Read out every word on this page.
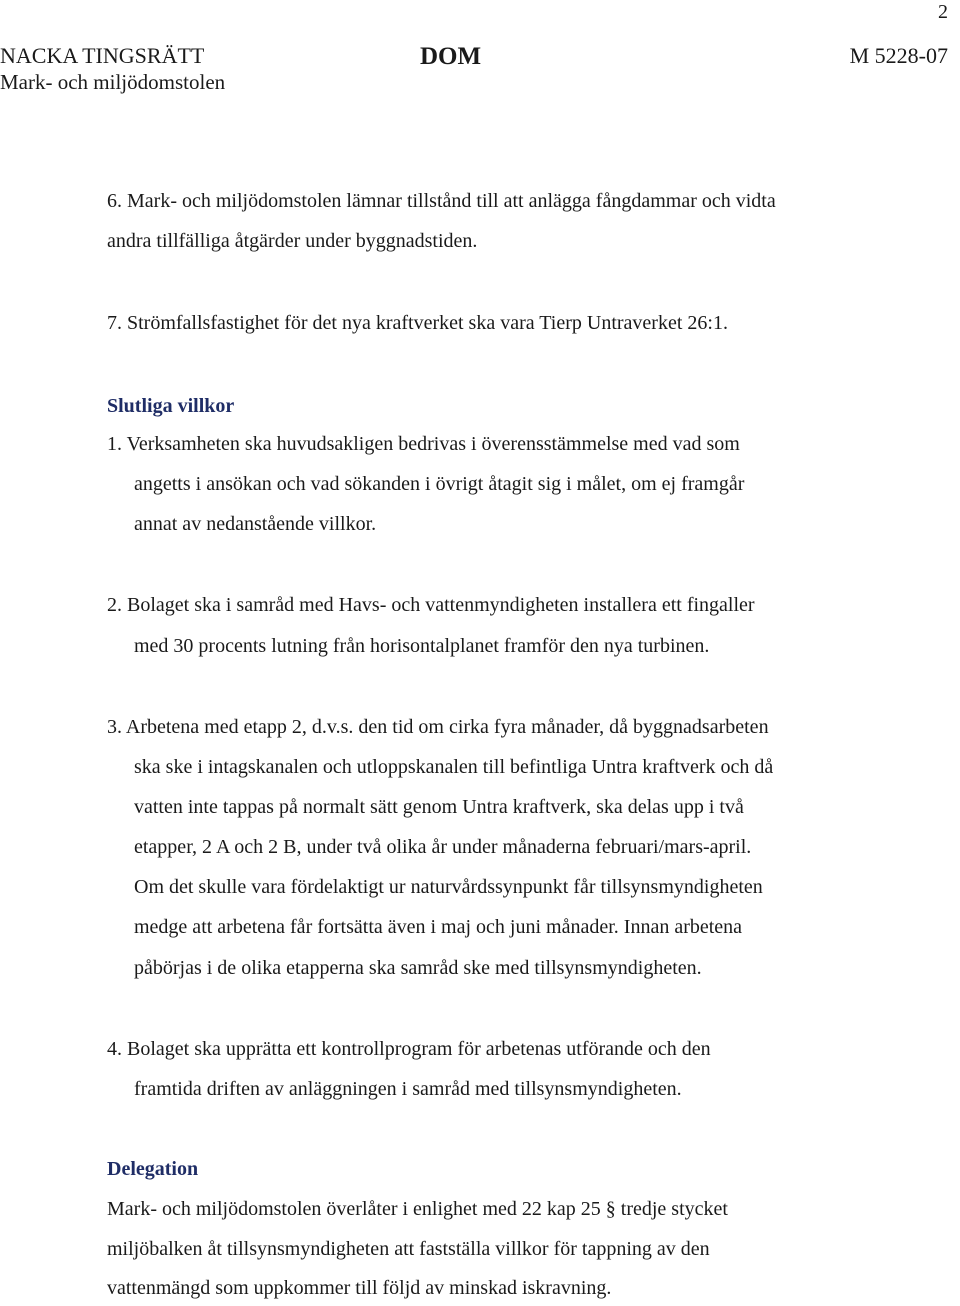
2
NACKA TINGSRÄTT
Mark- och miljödomstolen
DOM	M 5228-07
6. Mark- och miljödomstolen lämnar tillstånd till att anlägga fångdammar och vidta
andra tillfälliga åtgärder under byggnadstiden.
7. Strömfallsfastighet för det nya kraftverket ska vara Tierp Untraverket 26:1.
Slutliga villkor
1. Verksamheten ska huvudsakligen bedrivas i överensstämmelse med vad som
angetts i ansökan och vad sökanden i övrigt åtagit sig i målet, om ej framgår
annat av nedanstående villkor.
2. Bolaget ska i samråd med Havs- och vattenmyndigheten installera ett fingaller
med 30 procents lutning från horisontalplanet framför den nya turbinen.
3. Arbetena med etapp 2, d.v.s. den tid om cirka fyra månader, då byggnadsarbeten
ska ske i intagskanalen och utloppskanalen till befintliga Untra kraftverk och då
vatten inte tappas på normalt sätt genom Untra kraftverk, ska delas upp i två
etapper, 2 A och 2 B, under två olika år under månaderna februari/mars-april.
Om det skulle vara fördelaktigt ur naturvårdssynpunkt får tillsynsmyndigheten
medge att arbetena får fortsätta även i maj och juni månader. Innan arbetena
påbörjas i de olika etapperna ska samråd ske med tillsynsmyndigheten.
4. Bolaget ska upprätta ett kontrollprogram för arbetenas utförande och den
framtida driften av anläggningen i samråd med tillsynsmyndigheten.
Delegation
Mark- och miljödomstolen överlåter i enlighet med 22 kap 25 § tredje stycket
miljöbalken åt tillsynsmyndigheten att fastställa villkor för tappning av den
vattenmängd som uppkommer till följd av minskad iskravning.
